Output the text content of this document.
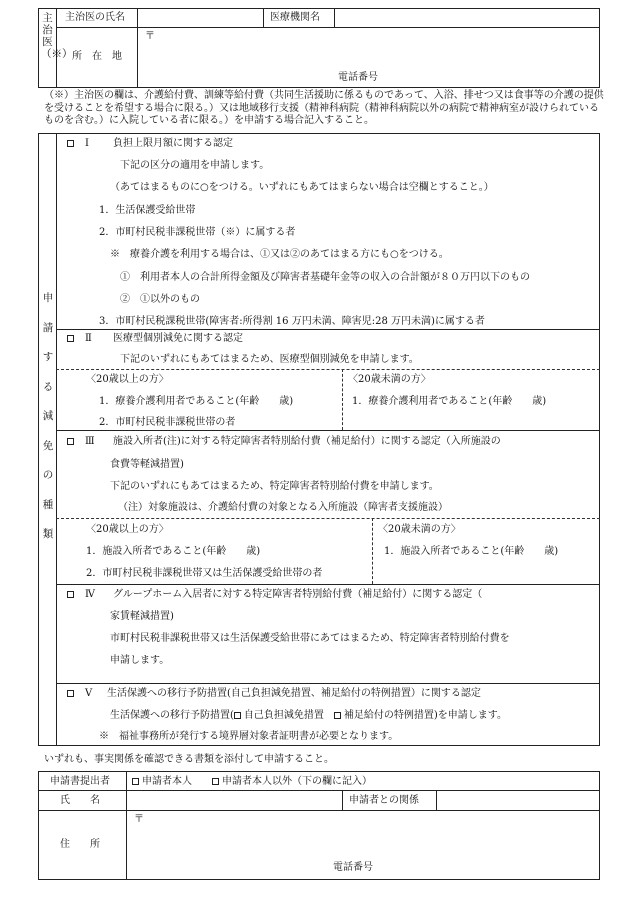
主治医（※）
主治医の氏名	医療機関名
所　在　地
〒
電話番号
（※）主治医の欄は、介護給付費、訓練等給付費（共同生活援助に係るものであって、入浴、排せつ又は食事等の介護の提供を受けることを希望する場合に限る。）又は地域移行支援（精神科病院（精神科病院以外の病院で精神病室が設けられているものを含む。）に入院している者に限る。）を申請する場合記入すること。
申
請
す
る
減
免
の
種
類
Ⅰ 負担上限月額に関する認定
下記の区分の適用を申請します。
（あてはまるものに○をつける。いずれにもあてはまらない場合は空欄とすること。）
1．生活保護受給世帯
2．市町村民税非課税世帯（※）に属する者
※　療養介護を利用する場合は、①又は②のあてはまる方にも○をつける。
①　利用者本人の合計所得金額及び障害者基礎年金等の収入の合計額が８０万円以下のもの
②　①以外のもの
3．市町村民税課税世帯(障害者:所得割 16 万円未満、障害児:28 万円未満)に属する者
Ⅱ 医療型個別減免に関する認定
下記のいずれにもあてはまるため、医療型個別減免を申請します。
〈20歳以上の方〉
1．療養介護利用者であること(年齢　　歳)
2．市町村民税非課税世帯の者
〈20歳未満の方〉
1．療養介護利用者であること(年齢　　歳)
Ⅲ 施設入所者(注)に対する特定障害者特別給付費（補足給付）に関する認定（入所施設の
食費等軽減措置)
下記のいずれにもあてはまるため、特定障害者特別給付費を申請します。
（注）対象施設は、介護給付費の対象となる入所施設（障害者支援施設）
〈20歳以上の方〉
1．施設入所者であること(年齢　　歳)
2．市町村民税非課税世帯又は生活保護受給世帯の者
〈20歳未満の方〉
1．施設入所者であること(年齢　　歳)
Ⅳ グループホーム入居者に対する特定障害者特別給付費（補足給付）に関する認定（
家賃軽減措置)
市町村民税非課税世帯又は生活保護受給世帯にあてはまるため、特定障害者特別給付費を
申請します。
Ⅴ 生活保護への移行予防措置(自己負担減免措置、補足給付の特例措置）に関する認定
生活保護への移行予防措置( 自己負担減免措置　 補足給付の特例措置)を申請します。
※　福祉事務所が発行する境界層対象者証明書が必要となります。
いずれも、事実関係を確認できる書類を添付して申請すること。
申請書提出者	申請者本人　　	申請者本人以外（下の欄に記入）
氏　　名	申請者との関係
住　　所
〒
電話番号
